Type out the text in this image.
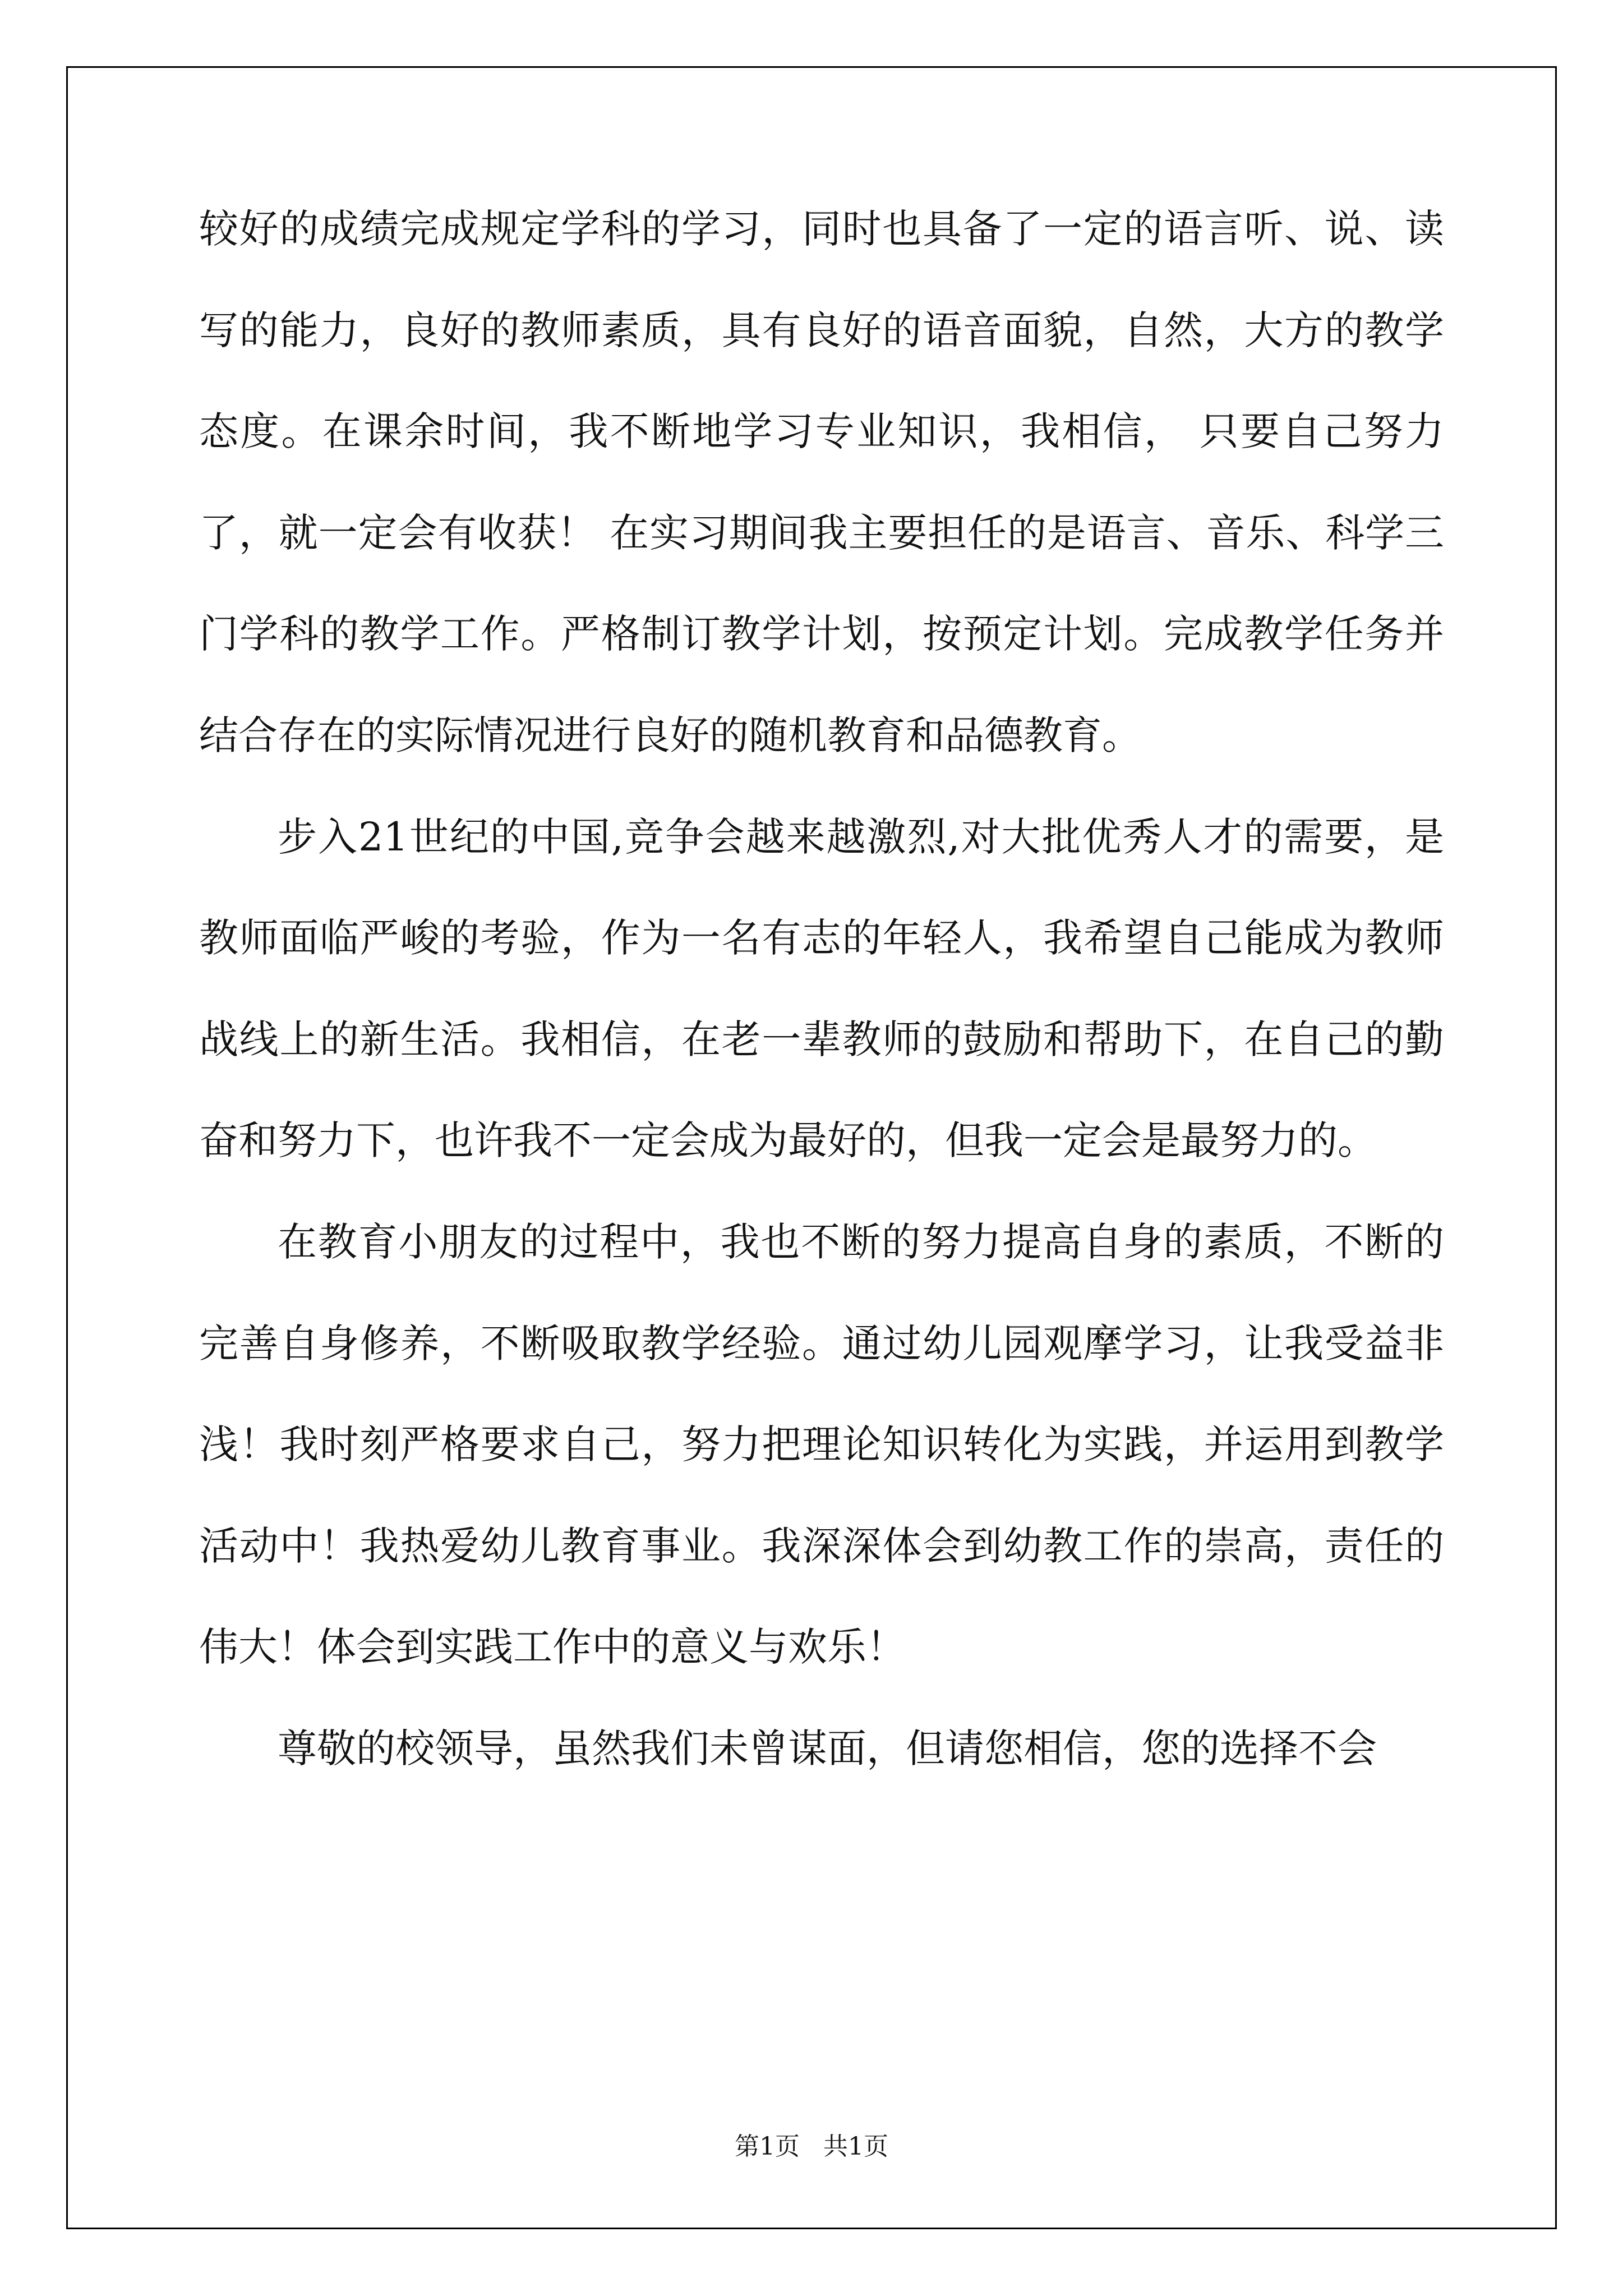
较好的成绩完成规定学科的学习，同时也具备了一定的语言听、说、读写的能力，良好的教师素质，具有良好的语音面貌，自然，大方的教学态度。在课余时间，我不断地学习专业知识，我相信， 只要自己努力了，就一定会有收获！ 在实习期间我主要担任的是语言、音乐、科学三门学科的教学工作。严格制订教学计划，按预定计划。完成教学任务并结合存在的实际情况进行良好的随机教育和品德教育。

步入21世纪的中国,竞争会越来越激烈,对大批优秀人才的需要，是教师面临严峻的考验，作为一名有志的年轻人，我希望自己能成为教师战线上的新生活。我相信，在老一辈教师的鼓励和帮助下，在自己的勤奋和努力下，也许我不一定会成为最好的，但我一定会是最努力的。

在教育小朋友的过程中，我也不断的努力提高自身的素质，不断的完善自身修养，不断吸取教学经验。通过幼儿园观摩学习，让我受益非浅！我时刻严格要求自己，努力把理论知识转化为实践，并运用到教学活动中！我热爱幼儿教育事业。我深深体会到幼教工作的崇高，责任的伟大！体会到实践工作中的意义与欢乐！

尊敬的校领导，虽然我们未曾谋面，但请您相信，您的选择不会

第1页   共1页
